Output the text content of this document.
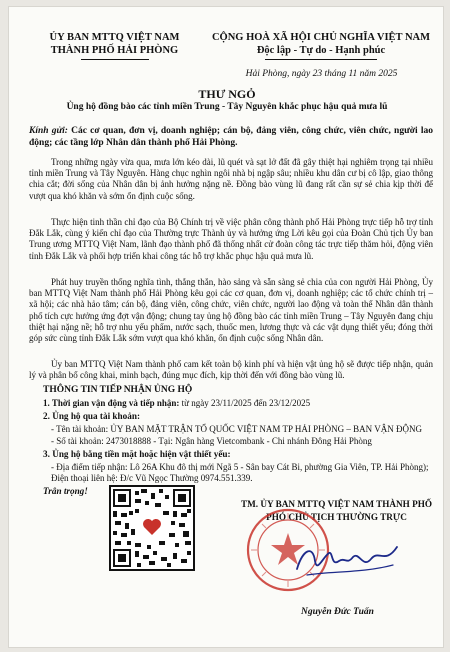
ỦY BAN MTTQ VIỆT NAM
THÀNH PHỐ HẢI PHÒNG
CỘNG HOÀ XÃ HỘI CHỦ NGHĨA VIỆT NAM
Độc lập - Tự do - Hạnh phúc
Hải Phòng, ngày 23 tháng 11 năm 2025
THƯ NGỎ
Ủng hộ đồng bào các tỉnh miền Trung - Tây Nguyên khắc phục hậu quả mưa lũ
Kính gửi: Các cơ quan, đơn vị, doanh nghiệp; cán bộ, đảng viên, công chức, viên chức, người lao động; các tầng lớp Nhân dân thành phố Hải Phòng.
Trong những ngày vừa qua, mưa lớn kéo dài, lũ quét và sạt lở đất đã gây thiệt hại nghiêm trọng tại nhiều tỉnh miền Trung và Tây Nguyên. Hàng chục nghìn ngôi nhà bị ngập sâu; nhiều khu dân cư bị cô lập, giao thông chia cắt; đời sống của Nhân dân bị ảnh hưởng nặng nề. Đồng bào vùng lũ đang rất cần sự sẻ chia kịp thời để vượt qua khó khăn và sớm ổn định cuộc sống.
Thực hiện tinh thần chỉ đạo của Bộ Chính trị về việc phân công thành phố Hải Phòng trực tiếp hỗ trợ tỉnh Đắk Lắk, cùng ý kiến chỉ đạo của Thường trực Thành ủy và hưởng ứng Lời kêu gọi của Đoàn Chủ tịch Ủy ban Trung ương MTTQ Việt Nam, lãnh đạo thành phố đã thống nhất cử đoàn công tác trực tiếp thăm hỏi, động viên tỉnh Đắk Lắk và phối hợp triển khai công tác hỗ trợ khắc phục hậu quả mưa lũ.
Phát huy truyền thống nghĩa tình, thắng thắn, hào sảng và sẵn sàng sẻ chia của con người Hải Phòng, Ủy ban MTTQ Việt Nam thành phố Hải Phòng kêu gọi các cơ quan, đơn vị, doanh nghiệp; các tổ chức chính trị – xã hội; các nhà hảo tâm; cán bộ, đảng viên, công chức, viên chức, người lao động và toàn thể Nhân dân thành phố tích cực hưởng ứng đợt vận động; chung tay ủng hộ đồng bào các tỉnh miền Trung – Tây Nguyên đang chịu thiệt hại nặng nề; hỗ trợ nhu yếu phẩm, nước sạch, thuốc men, lương thực và các vật dụng thiết yếu; đóng thời góp sức cùng tỉnh Đắk Lắk sớm vượt qua khó khăn, ổn định cuộc sống Nhân dân.
Ủy ban MTTQ Việt Nam thành phố cam kết toàn bộ kinh phí và hiện vật ủng hộ sẽ được tiếp nhận, quản lý và phân bổ công khai, minh bạch, đúng mục đích, kịp thời đến với đồng bào vùng lũ.
THÔNG TIN TIẾP NHẬN ỦNG HỘ
1. Thời gian vận động và tiếp nhận: từ ngày 23/11/2025 đến 23/12/2025
2. Ủng hộ qua tài khoản:
- Tên tài khoản: ỦY BAN MẶT TRẬN TỔ QUỐC VIỆT NAM TP HẢI PHÒNG – BAN VẬN ĐỘNG
- Số tài khoản: 2473018888 - Tại: Ngân hàng Vietcombank - Chi nhánh Đông Hải Phòng
3. Ủng hộ bằng tiền mặt hoặc hiện vật thiết yếu:
- Địa điểm tiếp nhận: Lô 26A Khu đô thị mới Ngã 5 - Sân bay Cát Bi, phường Gia Viên, TP. Hải Phòng); Điện thoại liên hệ: Đ/c Vũ Ngọc Thường 0974.551.339.
Trân trọng!
TM. ỦY BAN MTTQ VIỆT NAM THÀNH PHỐ
PHÓ CHỦ TỊCH THƯỜNG TRỰC
Nguyễn Đức Tuấn
